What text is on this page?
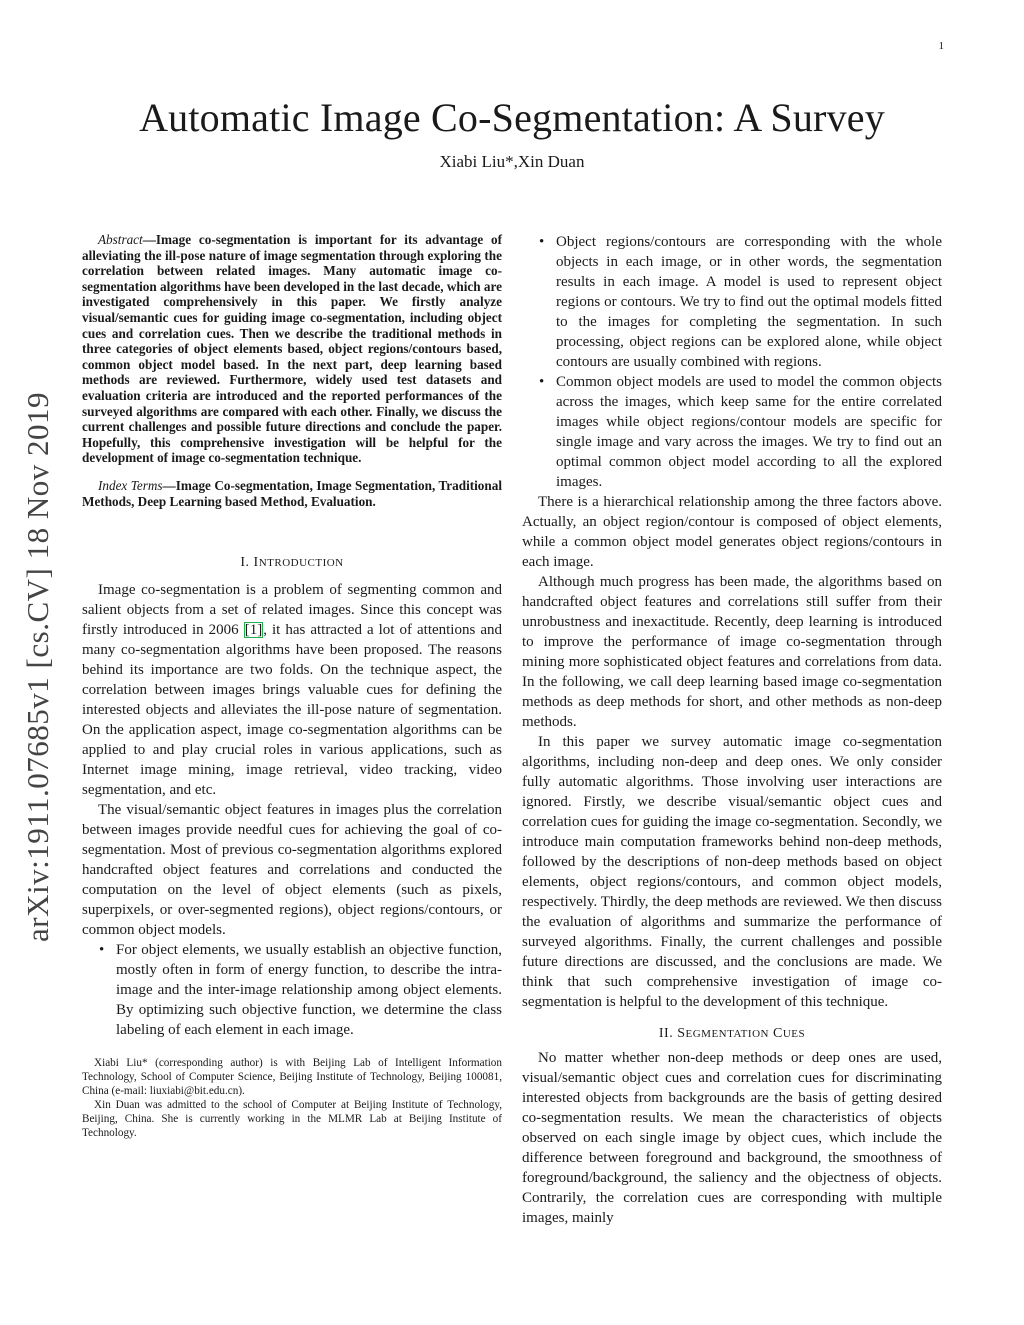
1
Automatic Image Co-Segmentation: A Survey
Xiabi Liu*,Xin Duan
arXiv:1911.07685v1 [cs.CV] 18 Nov 2019

Abstract—Image co-segmentation is important for its advantage of alleviating the ill-pose nature of image segmentation through exploring the correlation between related images. Many automatic image co-segmentation algorithms have been developed in the last decade, which are investigated comprehensively in this paper. We firstly analyze visual/semantic cues for guiding image co-segmentation, including object cues and correlation cues. Then we describe the traditional methods in three categories of object elements based, object regions/contours based, common object model based. In the next part, deep learning based methods are reviewed. Furthermore, widely used test datasets and evaluation criteria are introduced and the reported performances of the surveyed algorithms are compared with each other. Finally, we discuss the current challenges and possible future directions and conclude the paper. Hopefully, this comprehensive investigation will be helpful for the development of image co-segmentation technique.

Index Terms—Image Co-segmentation, Image Segmentation, Traditional Methods, Deep Learning based Method, Evaluation.

I. INTRODUCTION

Image co-segmentation is a problem of segmenting common and salient objects from a set of related images. Since this concept was firstly introduced in 2006 [1], it has attracted a lot of attentions and many co-segmentation algorithms have been proposed. The reasons behind its importance are two folds. On the technique aspect, the correlation between images brings valuable cues for defining the interested objects and alleviates the ill-pose nature of segmentation. On the application aspect, image co-segmentation algorithms can be applied to and play crucial roles in various applications, such as Internet image mining, image retrieval, video tracking, video segmentation, and etc.

The visual/semantic object features in images plus the correlation between images provide needful cues for achieving the goal of co-segmentation. Most of previous co-segmentation algorithms explored handcrafted object features and correlations and conducted the computation on the level of object elements (such as pixels, superpixels, or over-segmented regions), object regions/contours, or common object models.

• For object elements, we usually establish an objective function, mostly often in form of energy function, to describe the intra-image and the inter-image relationship among object elements. By optimizing such objective function, we determine the class labeling of each element in each image.

Xiabi Liu* (corresponding author) is with Beijing Lab of Intelligent Information Technology, School of Computer Science, Beijing Institute of Technology, Beijing 100081, China (e-mail: liuxiabi@bit.edu.cn).

Xin Duan was admitted to the school of Computer at Beijing Institute of Technology, Beijing, China. She is currently working in the MLMR Lab at Beijing Institute of Technology.

• Object regions/contours are corresponding with the whole objects in each image, or in other words, the segmentation results in each image. A model is used to represent object regions or contours. We try to find out the optimal models fitted to the images for completing the segmentation. In such processing, object regions can be explored alone, while object contours are usually combined with regions.
• Common object models are used to model the common objects across the images, which keep same for the entire correlated images while object regions/contour models are specific for single image and vary across the images. We try to find out an optimal common object model according to all the explored images.

There is a hierarchical relationship among the three factors above. Actually, an object region/contour is composed of object elements, while a common object model generates object regions/contours in each image.

Although much progress has been made, the algorithms based on handcrafted object features and correlations still suffer from their unrobustness and inexactitude. Recently, deep learning is introduced to improve the performance of image co-segmentation through mining more sophisticated object features and correlations from data. In the following, we call deep learning based image co-segmentation methods as deep methods for short, and other methods as non-deep methods.

In this paper we survey automatic image co-segmentation algorithms, including non-deep and deep ones. We only consider fully automatic algorithms. Those involving user interactions are ignored. Firstly, we describe visual/semantic object cues and correlation cues for guiding the image co-segmentation. Secondly, we introduce main computation frameworks behind non-deep methods, followed by the descriptions of non-deep methods based on object elements, object regions/contours, and common object models, respectively. Thirdly, the deep methods are reviewed. We then discuss the evaluation of algorithms and summarize the performance of surveyed algorithms. Finally, the current challenges and possible future directions are discussed, and the conclusions are made. We think that such comprehensive investigation of image co-segmentation is helpful to the development of this technique.

II. SEGMENTATION CUES

No matter whether non-deep methods or deep ones are used, visual/semantic object cues and correlation cues for discriminating interested objects from backgrounds are the basis of getting desired co-segmentation results. We mean the characteristics of objects observed on each single image by object cues, which include the difference between foreground and background, the smoothness of foreground/background, the saliency and the objectness of objects. Contrarily, the correlation cues are corresponding with multiple images, mainly
